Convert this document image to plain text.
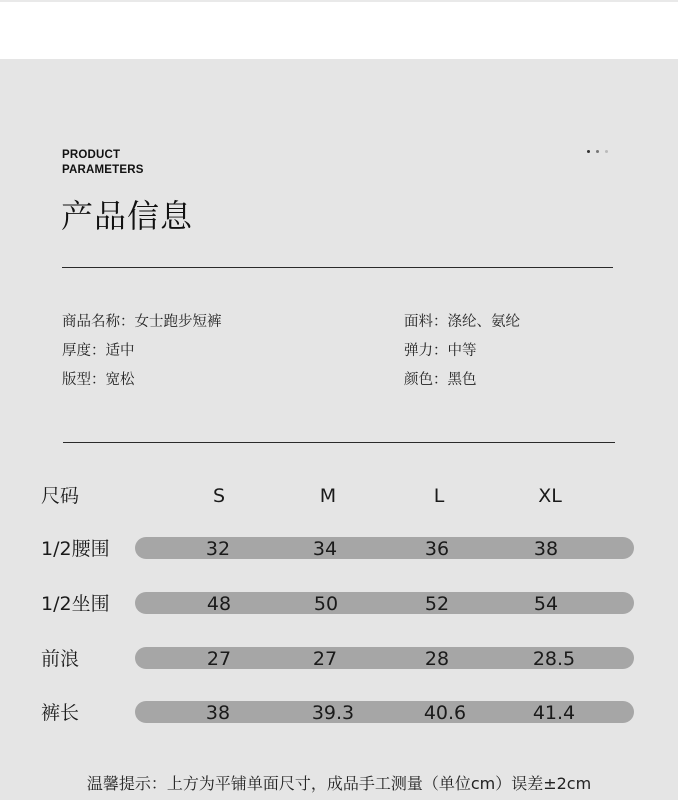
PRODUCT
PARAMETERS
产品信息
商品名称：女士跑步短裤
厚度：适中
版型：宽松
面料：涤纶、氨纶
弹力：中等
颜色：黑色
尺码	S	M	L	XL
1/2腰围	32	34	36	38
1/2坐围	48	50	52	54
前浪	27	27	28	28.5
裤长	38	39.3	40.6	41.4
温馨提示：上方为平铺单面尺寸，成品手工测量（单位cm）误差±2cm
